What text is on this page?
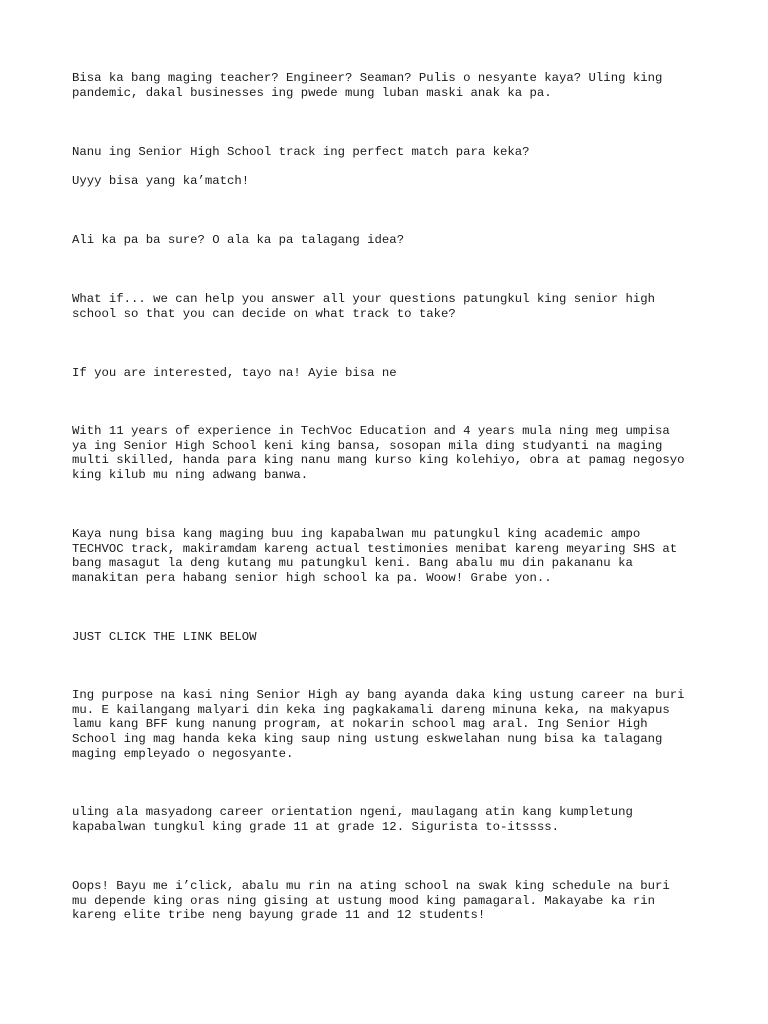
Bisa ka bang maging teacher? Engineer? Seaman? Pulis o nesyante kaya? Uling king
pandemic, dakal businesses ing pwede mung luban maski anak ka pa.

Nanu ing Senior High School track ing perfect match para keka?

Uyyy bisa yang ka’match!

Ali ka pa ba sure? O ala ka pa talagang idea?

What if... we can help you answer all your questions patungkul king senior high
school so that you can decide on what track to take?

If you are interested, tayo na! Ayie bisa ne

With 11 years of experience in TechVoc Education and 4 years mula ning meg umpisa
ya ing Senior High School keni king bansa, sosopan mila ding studyanti na maging
multi skilled, handa para king nanu mang kurso king kolehiyo, obra at pamag negosyo
king kilub mu ning adwang banwa.

Kaya nung bisa kang maging buu ing kapabalwan mu patungkul king academic ampo
TECHVOC track, makiramdam kareng actual testimonies menibat kareng meyaring SHS at
bang masagut la deng kutang mu patungkul keni. Bang abalu mu din pakananu ka
manakitan pera habang senior high school ka pa. Woow! Grabe yon..

JUST CLICK THE LINK BELOW

Ing purpose na kasi ning Senior High ay bang ayanda daka king ustung career na buri
mu. E kailangang malyari din keka ing pagkakamali dareng minuna keka, na makyapus
lamu kang BFF kung nanung program, at nokarin school mag aral. Ing Senior High
School ing mag handa keka king saup ning ustung eskwelahan nung bisa ka talagang
maging empleyado o negosyante.

uling ala masyadong career orientation ngeni, maulagang atin kang kumpletung
kapabalwan tungkul king grade 11 at grade 12. Sigurista to-itssss.

Oops! Bayu me i’click, abalu mu rin na ating school na swak king schedule na buri
mu depende king oras ning gising at ustung mood king pamagaral. Makayabe ka rin
kareng elite tribe neng bayung grade 11 and 12 students!
